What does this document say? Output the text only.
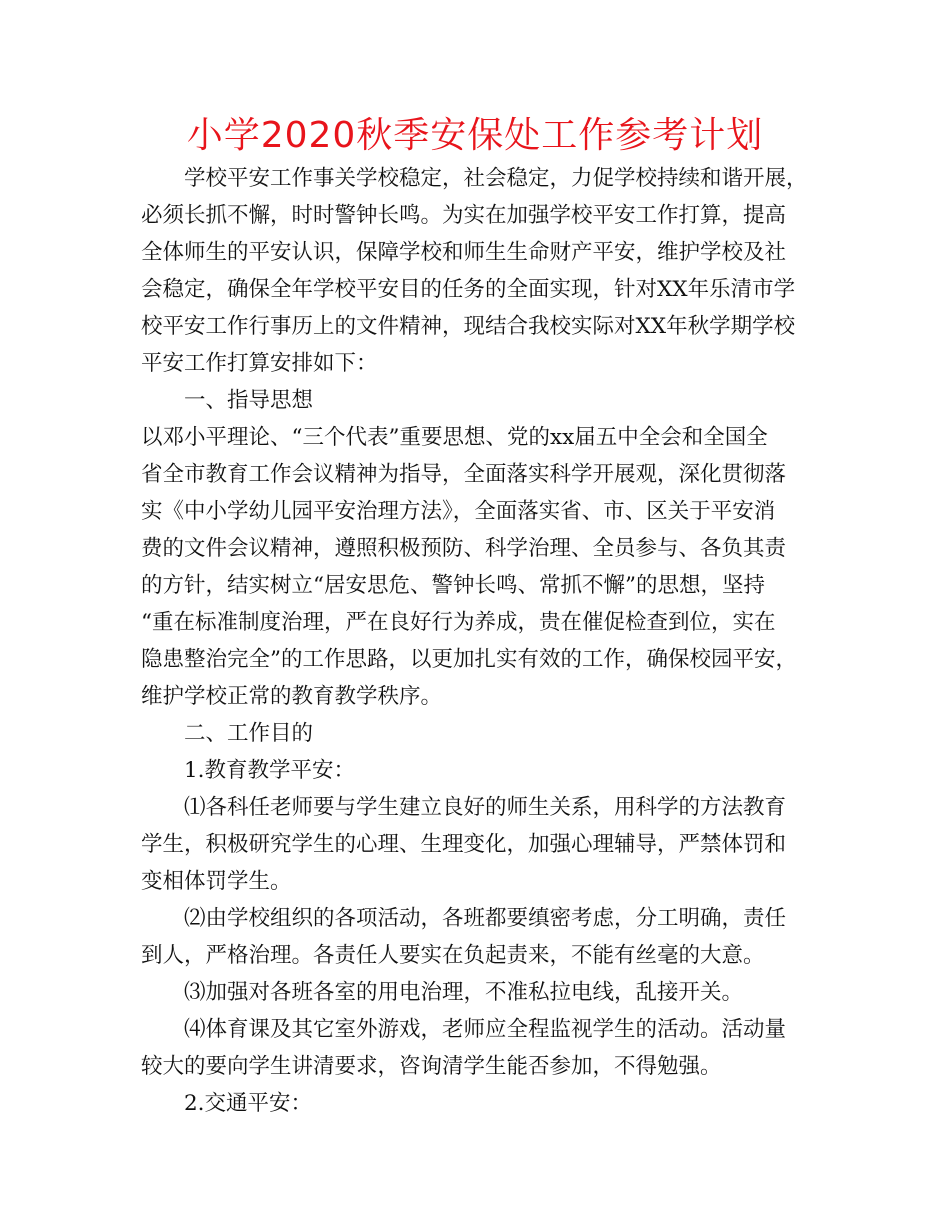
小学2020秋季安保处工作参考计划

学校平安工作事关学校稳定，社会稳定，力促学校持续和谐开展，

必须长抓不懈，时时警钟长鸣。为实在加强学校平安工作打算，提高

全体师生的平安认识，保障学校和师生生命财产平安，维护学校及社

会稳定，确保全年学校平安目的任务的全面实现，针对XX年乐清市学

校平安工作行事历上的文件精神，现结合我校实际对XX年秋学期学校

平安工作打算安排如下：

一、指导思想

以邓小平理论、“三个代表”重要思想、党的xx届五中全会和全国全

省全市教育工作会议精神为指导，全面落实科学开展观，深化贯彻落

实《中小学幼儿园平安治理方法》，全面落实省、市、区关于平安消

费的文件会议精神，遵照积极预防、科学治理、全员参与、各负其责

的方针，结实树立“居安思危、警钟长鸣、常抓不懈”的思想，坚持

“重在标准制度治理，严在良好行为养成，贵在催促检查到位，实在

隐患整治完全”的工作思路，以更加扎实有效的工作，确保校园平安，

维护学校正常的教育教学秩序。

二、工作目的

1.教育教学平安：

⑴各科任老师要与学生建立良好的师生关系，用科学的方法教育

学生，积极研究学生的心理、生理变化，加强心理辅导，严禁体罚和

变相体罚学生。

⑵由学校组织的各项活动，各班都要缜密考虑，分工明确，责任

到人，严格治理。各责任人要实在负起责来，不能有丝毫的大意。

⑶加强对各班各室的用电治理，不准私拉电线，乱接开关。

⑷体育课及其它室外游戏，老师应全程监视学生的活动。活动量

较大的要向学生讲清要求，咨询清学生能否参加，不得勉强。

2.交通平安：
